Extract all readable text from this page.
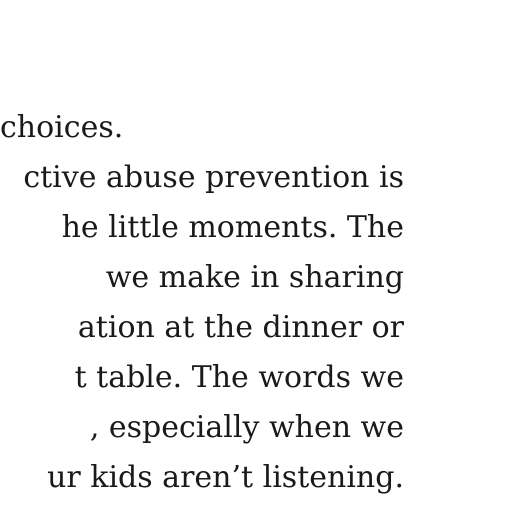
choices.
ctive abuse prevention is
he little moments. The
we make in sharing
ation at the dinner or
t table. The words we
, especially when we
ur kids aren’t listening.
